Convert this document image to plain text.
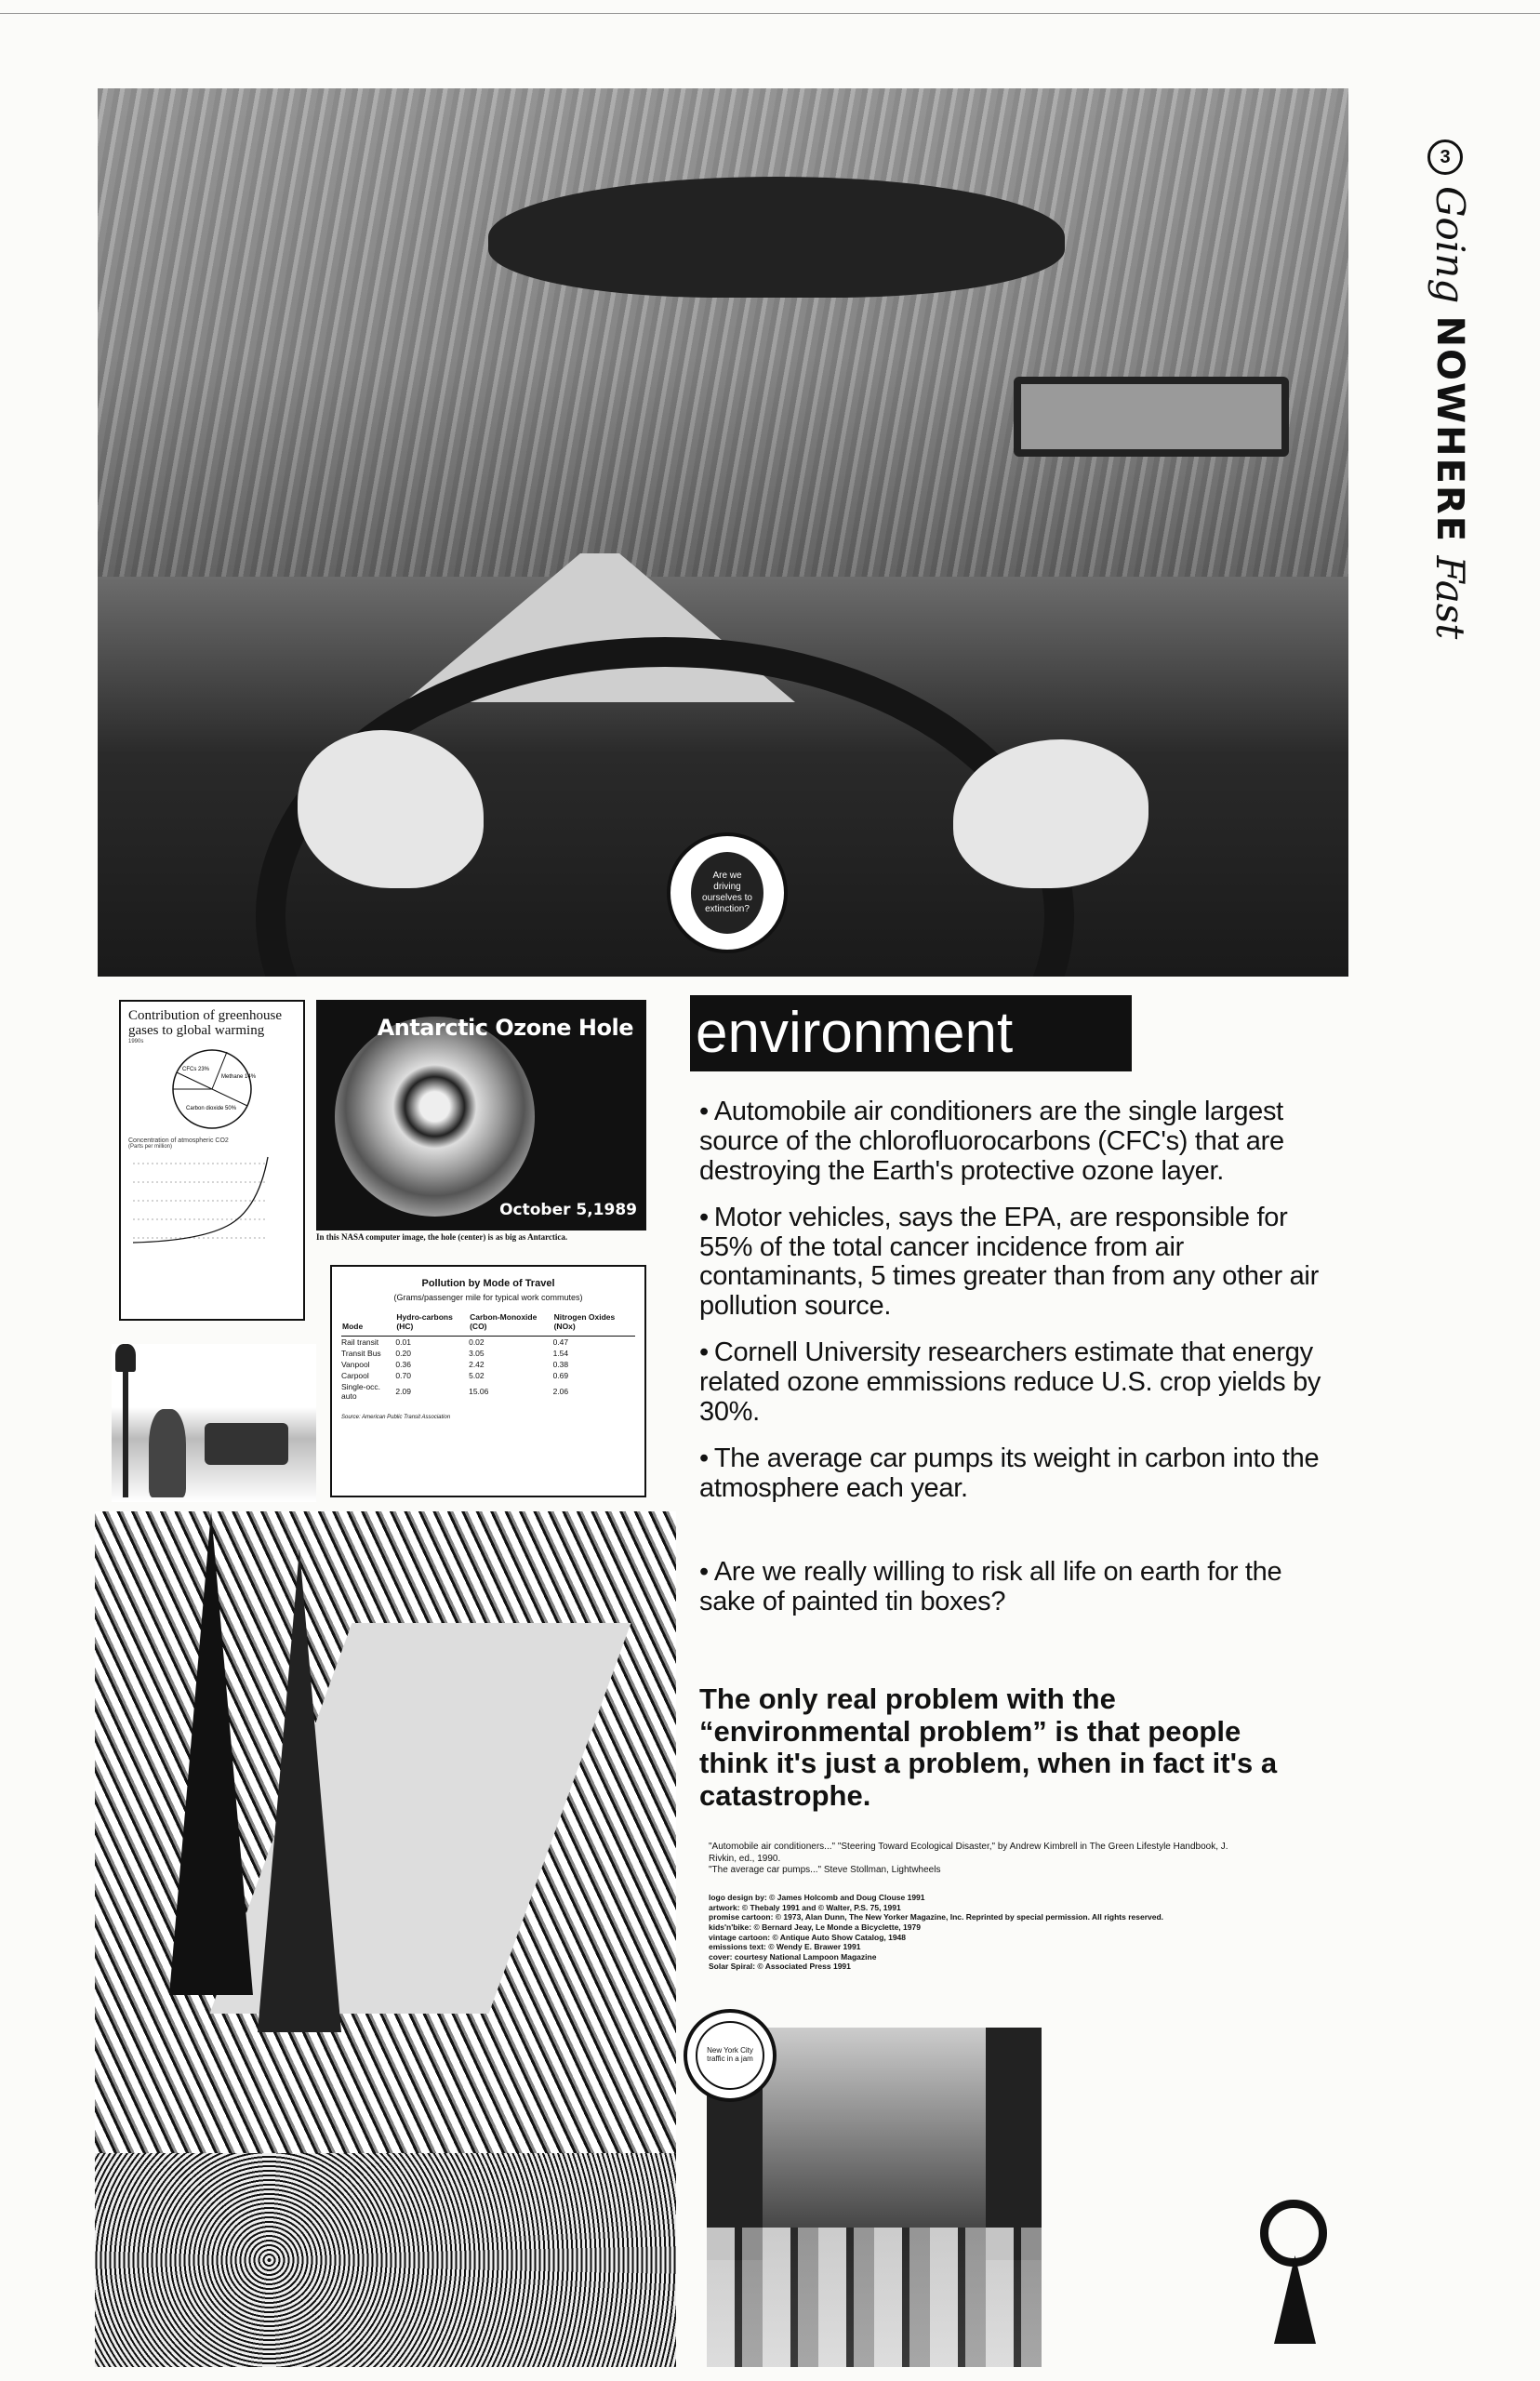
Are we driving ourselves to extinction?
3
Going NOWHERE Fast
Contribution of greenhouse gases to global warming
1990s
CFCs 23%
Methane 14%
Carbon dioxide 50%
Concentration of atmospheric CO2
(Parts per million)
Antarctic Ozone Hole
October 5,1989
In this NASA computer image, the hole (center) is as big as Antarctica.
Pollution by Mode of Travel
(Grams/passenger mile for typical work commutes)
Mode	Hydro-carbons (HC)	Carbon-Monoxide (CO)	Nitrogen Oxides (NOx)
Rail transit	0.01	0.02	0.47
Transit Bus	0.20	3.05	1.54
Vanpool	0.36	2.42	0.38
Carpool	0.70	5.02	0.69
Single-occ. auto	2.09	15.06	2.06
Source: American Public Transit Association
environment
• Automobile air conditioners are the single largest source of the chlorofluorocarbons (CFC's) that are destroying the Earth's protective ozone layer.
• Motor vehicles, says the EPA, are responsible for 55% of the total cancer incidence from air contaminants, 5 times greater than from any other air pollution source.
• Cornell University researchers estimate that energy related ozone emmissions reduce U.S. crop yields by 30%.
• The average car pumps its weight in carbon into the atmosphere each year.
• Are we really willing to risk all life on earth for the sake of painted tin boxes?
The only real problem with the “environmental problem” is that people think it's just a problem, when in fact it's a catastrophe.
"Automobile air conditioners..." "Steering Toward Ecological Disaster," by Andrew Kimbrell in The Green Lifestyle Handbook, J. Rivkin, ed., 1990.
"The average car pumps..." Steve Stollman, Lightwheels
logo design by: © James Holcomb and Doug Clouse 1991
artwork: © Thebaly 1991 and © Walter, P.S. 75, 1991
promise cartoon: © 1973, Alan Dunn, The New Yorker Magazine, Inc. Reprinted by special permission. All rights reserved.
kids'n'bike: © Bernard Jeay, Le Monde a Bicyclette, 1979
vintage cartoon: © Antique Auto Show Catalog, 1948
emissions text: © Wendy E. Brawer 1991
cover: courtesy National Lampoon Magazine
Solar Spiral: © Associated Press 1991
New York City traffic in a jam
